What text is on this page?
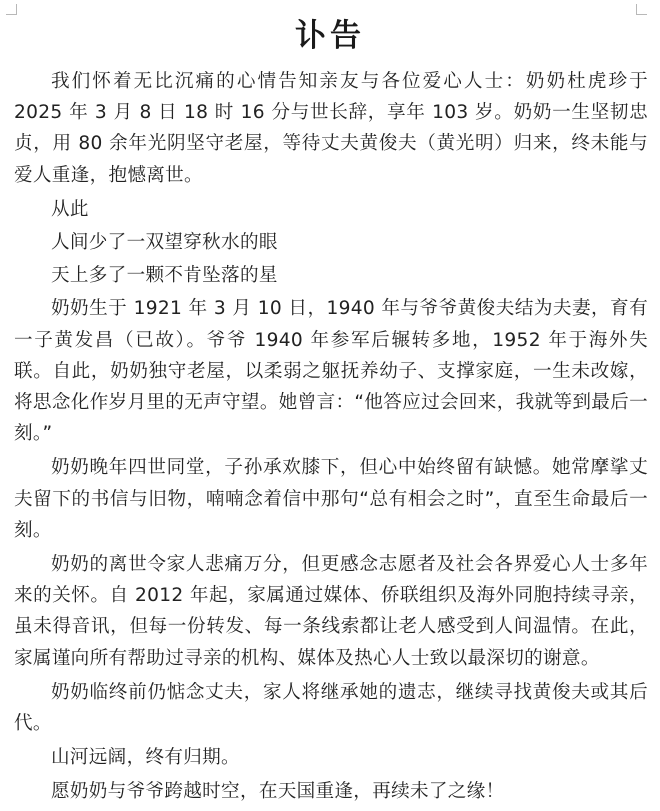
讣告

我们怀着无比沉痛的心情告知亲友与各位爱心人士：奶奶杜虎珍于 2025 年 3 月 8 日 18 时 16 分与世长辞，享年 103 岁。奶奶一生坚韧忠贞，用 80 余年光阴坚守老屋，等待丈夫黄俊夫（黄光明）归来，终未能与爱人重逢，抱憾离世。

从此

人间少了一双望穿秋水的眼

天上多了一颗不肯坠落的星

奶奶生于 1921 年 3 月 10 日，1940 年与爷爷黄俊夫结为夫妻，育有一子黄发昌（已故）。爷爷 1940 年参军后辗转多地，1952 年于海外失联。自此，奶奶独守老屋，以柔弱之躯抚养幼子、支撑家庭，一生未改嫁，将思念化作岁月里的无声守望。她曾言：“他答应过会回来，我就等到最后一刻。”

奶奶晚年四世同堂，子孙承欢膝下，但心中始终留有缺憾。她常摩挲丈夫留下的书信与旧物，喃喃念着信中那句“总有相会之时”，直至生命最后一刻。

奶奶的离世令家人悲痛万分，但更感念志愿者及社会各界爱心人士多年来的关怀。自 2012 年起，家属通过媒体、侨联组织及海外同胞持续寻亲，虽未得音讯，但每一份转发、每一条线索都让老人感受到人间温情。在此，家属谨向所有帮助过寻亲的机构、媒体及热心人士致以最深切的谢意。

奶奶临终前仍惦念丈夫，家人将继承她的遗志，继续寻找黄俊夫或其后代。

山河远阔，终有归期。

愿奶奶与爷爷跨越时空，在天国重逢，再续未了之缘！
